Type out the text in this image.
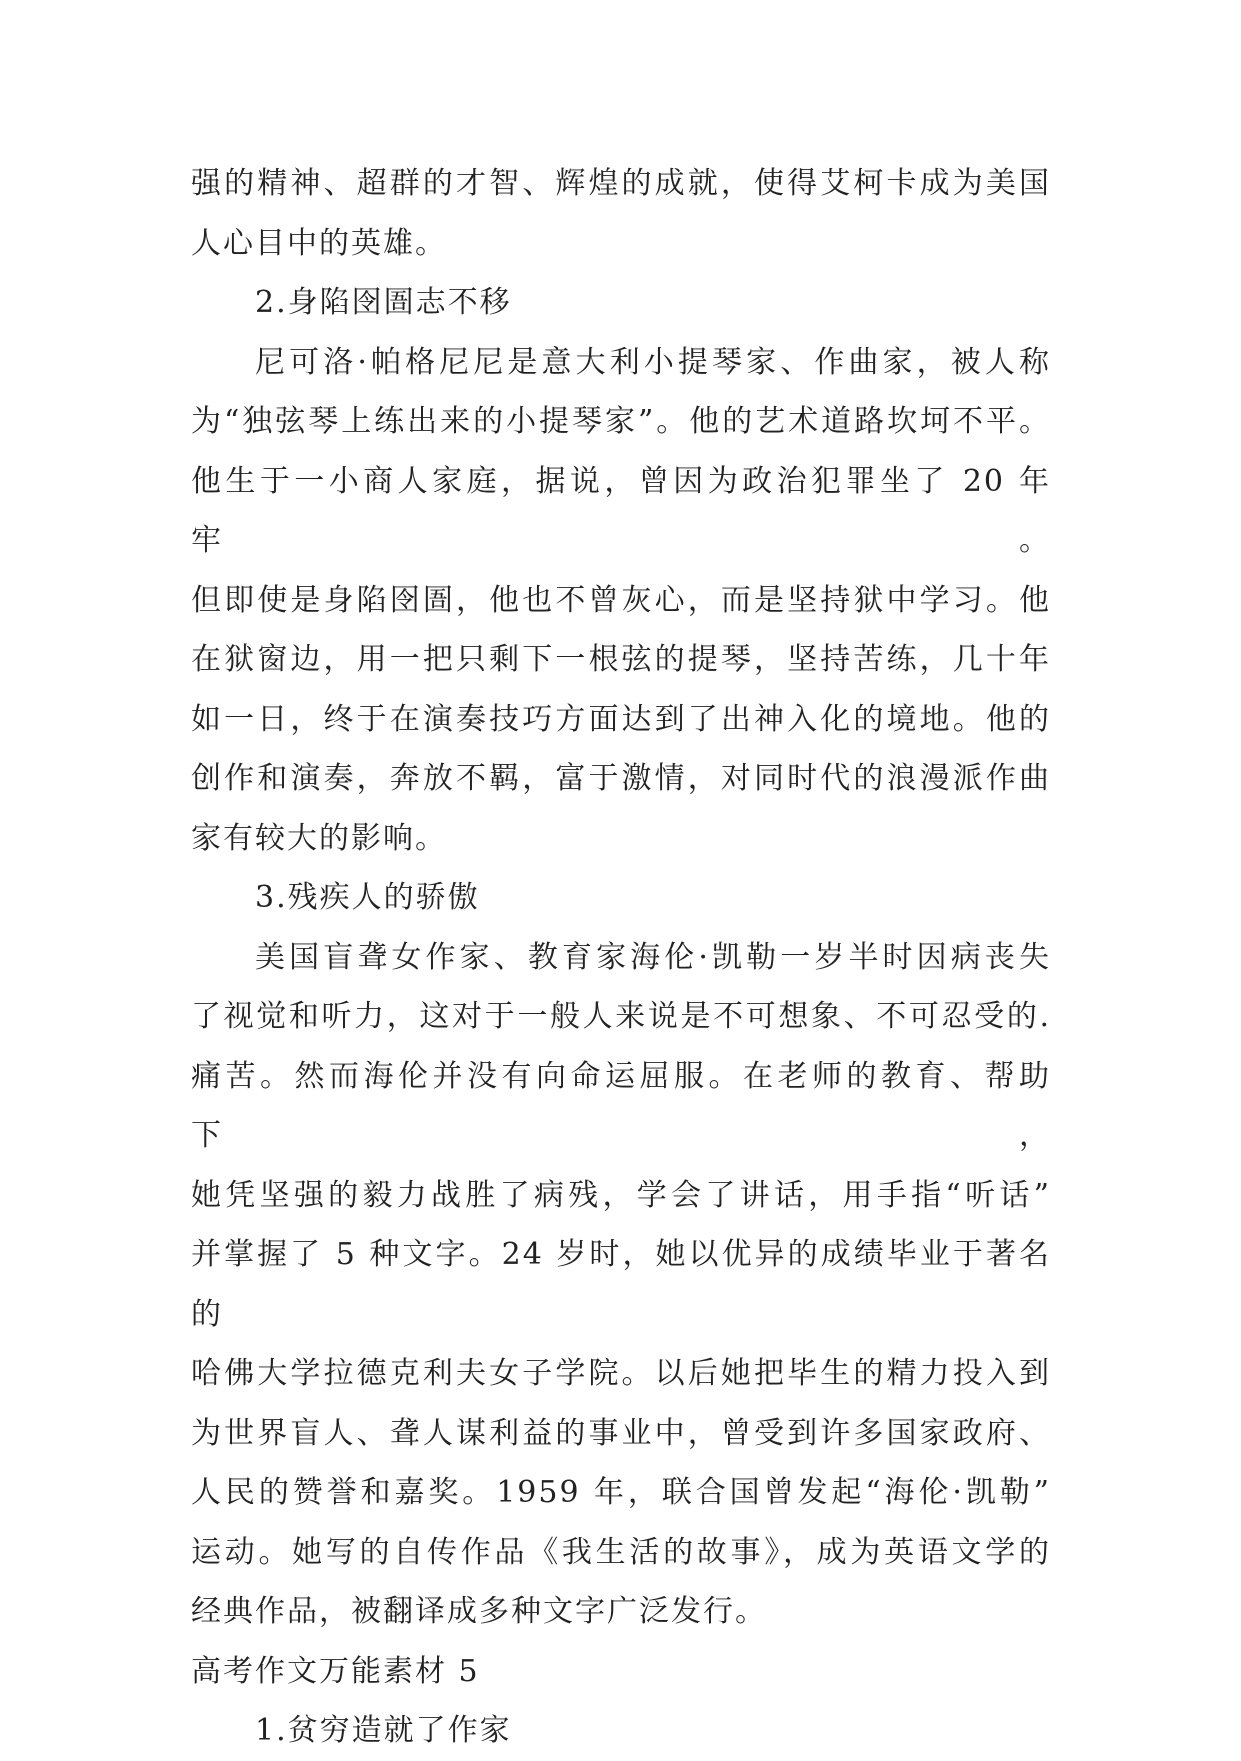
强的精神、超群的才智、辉煌的成就，使得艾柯卡成为美国

人心目中的英雄。

2.身陷囹圄志不移

尼可洛·帕格尼尼是意大利小提琴家、作曲家，被人称

为“独弦琴上练出来的小提琴家”。他的艺术道路坎坷不平。

他生于一小商人家庭，据说，曾因为政治犯罪坐了 20 年牢。

但即使是身陷囹圄，他也不曾灰心，而是坚持狱中学习。他

在狱窗边，用一把只剩下一根弦的提琴，坚持苦练，几十年

如一日，终于在演奏技巧方面达到了出神入化的境地。他的

创作和演奏，奔放不羁，富于激情，对同时代的浪漫派作曲

家有较大的影响。

3.残疾人的骄傲

美国盲聋女作家、教育家海伦·凯勒一岁半时因病丧失

了视觉和听力，这对于一般人来说是不可想象、不可忍受的.

痛苦。然而海伦并没有向命运屈服。在老师的教育、帮助下，

她凭坚强的毅力战胜了病残，学会了讲话，用手指“听话”

并掌握了 5 种文字。24 岁时，她以优异的成绩毕业于著名的

哈佛大学拉德克利夫女子学院。以后她把毕生的精力投入到

为世界盲人、聋人谋利益的事业中，曾受到许多国家政府、

人民的赞誉和嘉奖。1959 年，联合国曾发起“海伦·凯勒”

运动。她写的自传作品《我生活的故事》，成为英语文学的

经典作品，被翻译成多种文字广泛发行。

高考作文万能素材 5

1.贫穷造就了作家
